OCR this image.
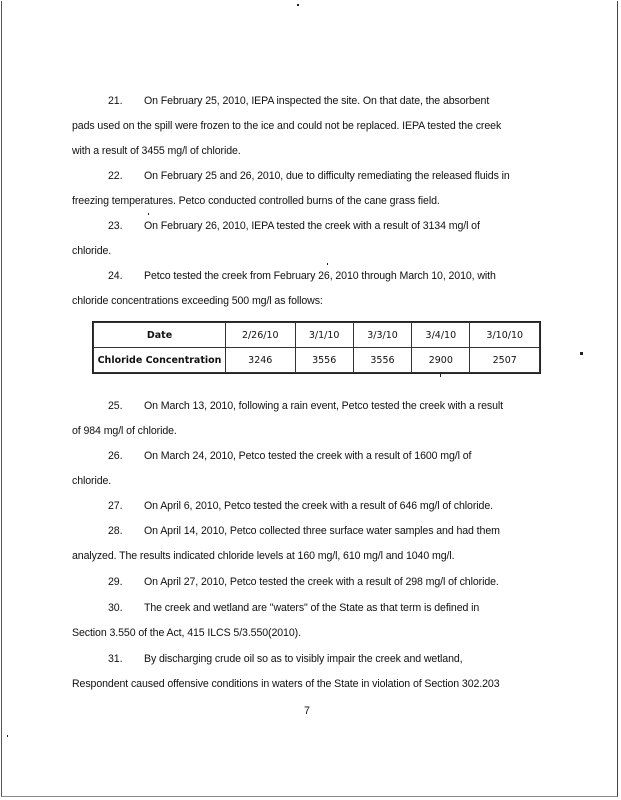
21. On February 25, 2010, IEPA inspected the site. On that date, the absorbent
pads used on the spill were frozen to the ice and could not be replaced. IEPA tested the creek
with a result of 3455 mg/l of chloride.
22. On February 25 and 26, 2010, due to difficulty remediating the released fluids in
freezing temperatures. Petco conducted controlled burns of the cane grass field.
23. On February 26, 2010, IEPA tested the creek with a result of 3134 mg/l of
chloride.
24. Petco tested the creek from February 26, 2010 through March 10, 2010, with
chloride concentrations exceeding 500 mg/l as follows:
Date	2/26/10	3/1/10	3/3/10	3/4/10	3/10/10
Chloride Concentration	3246	3556	3556	2900	2507
25. On March 13, 2010, following a rain event, Petco tested the creek with a result
of 984 mg/l of chloride.
26. On March 24, 2010, Petco tested the creek with a result of 1600 mg/l of
chloride.
27. On April 6, 2010, Petco tested the creek with a result of 646 mg/l of chloride.
28. On April 14, 2010, Petco collected three surface water samples and had them
analyzed. The results indicated chloride levels at 160 mg/l, 610 mg/l and 1040 mg/l.
29. On April 27, 2010, Petco tested the creek with a result of 298 mg/l of chloride.
30. The creek and wetland are "waters" of the State as that term is defined in
Section 3.550 of the Act, 415 ILCS 5/3.550(2010).
31. By discharging crude oil so as to visibly impair the creek and wetland,
Respondent caused offensive conditions in waters of the State in violation of Section 302.203
7
